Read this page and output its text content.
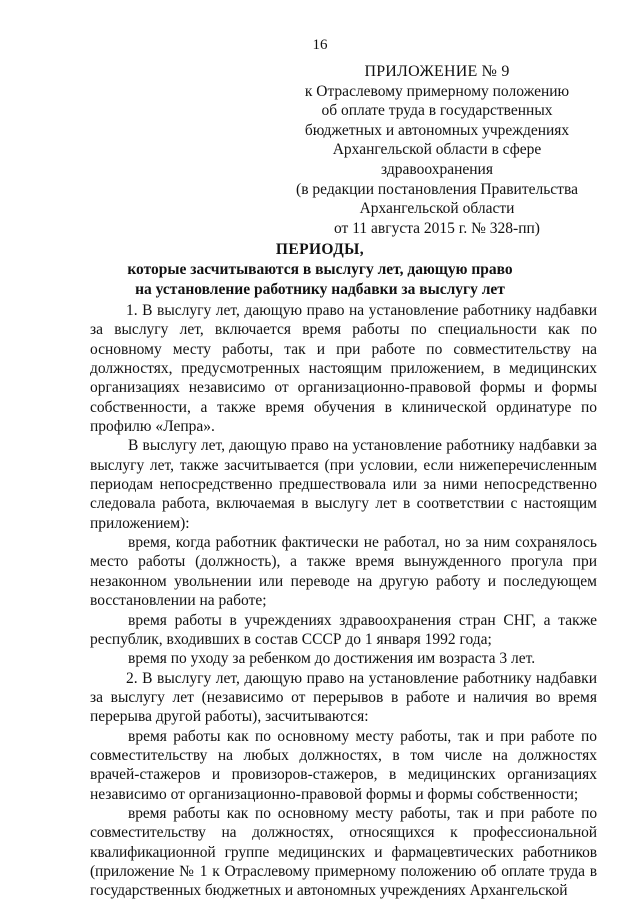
16
ПРИЛОЖЕНИЕ № 9
к Отраслевому примерному положению
об оплате труда в государственных
бюджетных и автономных учреждениях
Архангельской области в сфере
здравоохранения
(в редакции постановления Правительства
Архангельской области
от 11 августа 2015 г. № 328-пп)
ПЕРИОДЫ,
которые засчитываются в выслугу лет, дающую право
на установление работнику надбавки за выслугу лет

1. В выслугу лет, дающую право на установление работнику надбавки за выслугу лет, включается время работы по специальности как по основному месту работы, так и при работе по совместительству на должностях, предусмотренных настоящим приложением, в медицинских организациях независимо от организационно-правовой формы и формы собственности, а также время обучения в клинической ординатуре по профилю «Лепра».

В выслугу лет, дающую право на установление работнику надбавки за выслугу лет, также засчитывается (при условии, если нижеперечисленным периодам непосредственно предшествовала или за ними непосредственно следовала работа, включаемая в выслугу лет в соответствии с настоящим приложением):

время, когда работник фактически не работал, но за ним сохранялось место работы (должность), а также время вынужденного прогула при незаконном увольнении или переводе на другую работу и последующем восстановлении на работе;

время работы в учреждениях здравоохранения стран СНГ, а также республик, входивших в состав СССР до 1 января 1992 года;

время по уходу за ребенком до достижения им возраста 3 лет.

2. В выслугу лет, дающую право на установление работнику надбавки за выслугу лет (независимо от перерывов в работе и наличия во время перерыва другой работы), засчитываются:

время работы как по основному месту работы, так и при работе по совместительству на любых должностях, в том числе на должностях врачей-стажеров и провизоров-стажеров, в медицинских организациях независимо от организационно-правовой формы и формы собственности;

время работы как по основному месту работы, так и при работе по совместительству на должностях, относящихся к профессиональной квалификационной группе медицинских и фармацевтических работников (приложение № 1 к Отраслевому примерному положению об оплате труда в государственных бюджетных и автономных учреждениях Архангельской
